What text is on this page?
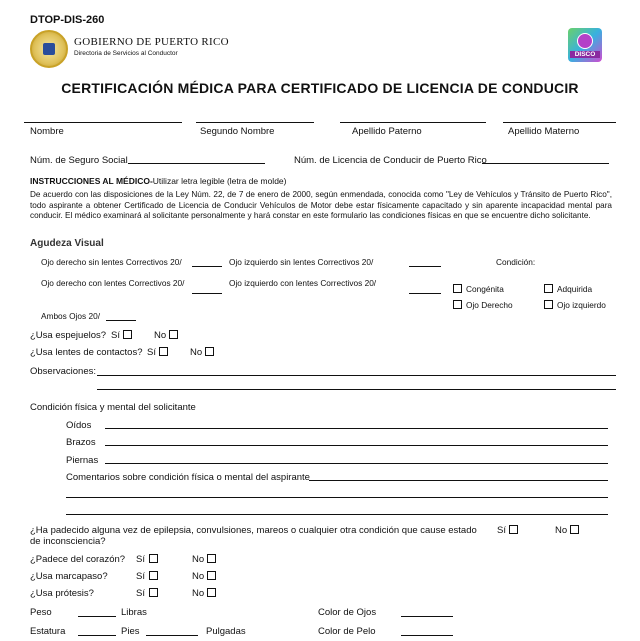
DTOP-DIS-260
GOBIERNO DE PUERTO RICO
Directoria de Servicios al Conductor	DISCO
CERTIFICACIÓN MÉDICA PARA CERTIFICADO DE LICENCIA DE CONDUCIR
Nombre	Segundo Nombre	Apellido Paterno	Apellido Materno
Núm. de Seguro Social	Núm. de Licencia de Conducir de Puerto Rico
INSTRUCCIONES AL MÉDICO-Utilizar letra legible (letra de molde)
De acuerdo con las disposiciones de la Ley Núm. 22, de 7 de enero de 2000, según enmendada, conocida como "Ley de Vehículos y Tránsito de Puerto Rico", todo aspirante a obtener Certificado de Licencia de Conducir Vehículos de Motor debe estar físicamente capacitado y sin aparente incapacidad mental para conducir. El médico examinará al solicitante personalmente y hará constar en este formulario las condiciones físicas en que se encuentre dicho solicitante.
Agudeza Visual
Ojo derecho sin lentes Correctivos 20/	Ojo izquierdo sin lentes Correctivos 20/	Condición:
Ojo derecho con lentes Correctivos 20/	Ojo izquierdo con lentes Correctivos 20/
Congénita	Adquirida
Ojo Derecho	Ojo izquierdo
Ambos Ojos 20/
¿Usa espejuelos? Sí	No
¿Usa lentes de contactos? Sí	No
Observaciones:
Condición física y mental del solicitante
Oídos
Brazos
Piernas
Comentarios sobre condición física o mental del aspirante
¿Ha padecido alguna vez de epilepsia, convulsiones, mareos o cualquier otra condición que cause estado
de inconsciencia?
Sí	No
¿Padece del corazón? Sí	No
¿Usa marcapaso?	Sí	No
¿Usa prótesis?	Sí	No
Peso	Libras	Color de Ojos
Estatura	Pies	Pulgadas	Color de Pelo
